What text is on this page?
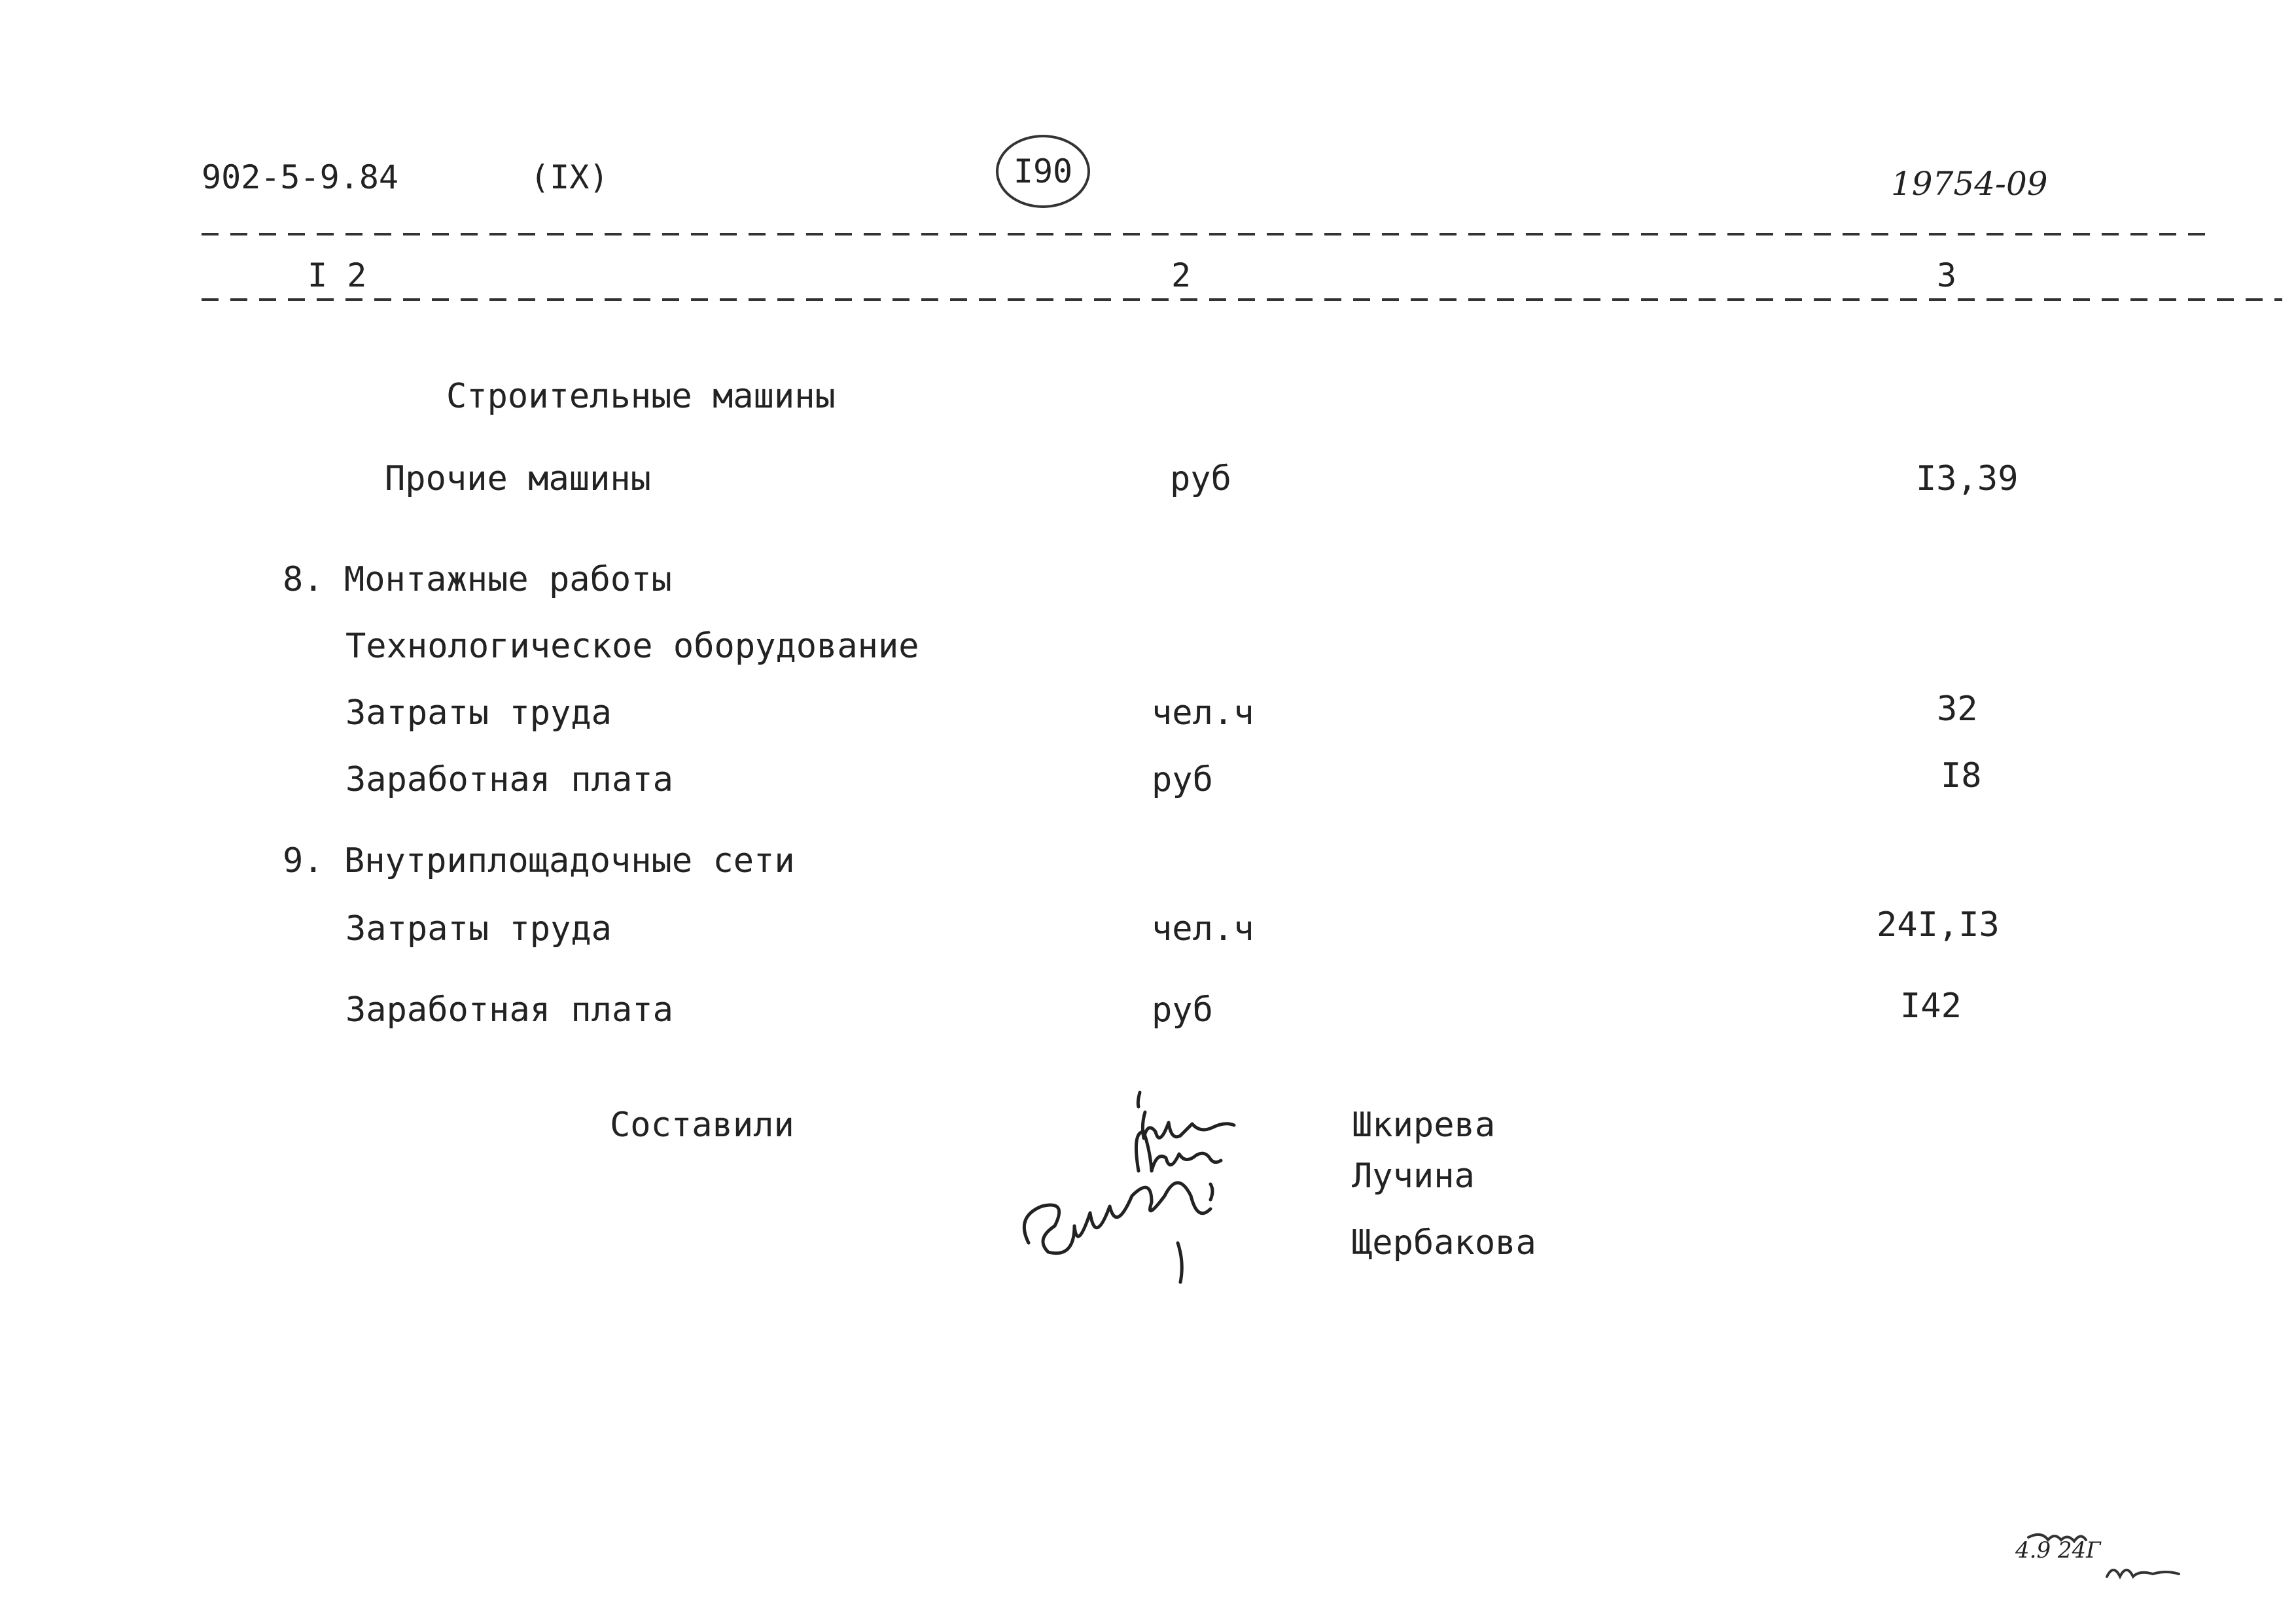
902-5-9.84	(IX)	I90	19754-09
I 2	2	3
Строительные машины
Прочие машины	руб	I3,39
8. Монтажные работы
Технологическое оборудование
Затраты труда	чел.ч	32
Заработная плата	руб	I8
9. Внутриплощадочные сети
Затраты труда	чел.ч	24I,I3
Заработная плата	руб	I42
Составили	Шкирева
Лучина
Щербакова
4.9 24Г
